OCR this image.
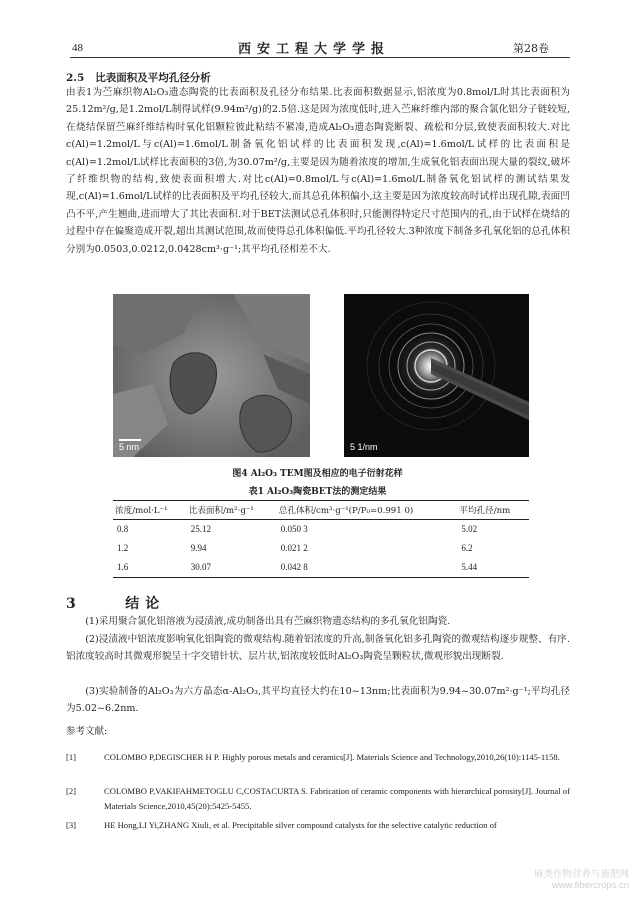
48	西安工程大学学报	第28卷
2.5 比表面积及平均孔径分析

由表1为苎麻织物Al₂O₃遗态陶瓷的比表面积及孔径分布结果.比表面积数据显示,铝浓度为0.8mol/L时其比表面积为25.12m²/g,是1.2mol/L制得试样(9.94m²/g)的2.5倍.这是因为浓度低时,进入苎麻纤维内部的聚合氯化铝分子链较短,在烧结保留苎麻纤维结构时氧化铝颗粒彼此粘结不紧凑,造成Al₂O₃遗态陶瓷断裂、疏松和分层,致使表面积较大.对比c(Al)=1.2mol/L与c(Al)=1.6mol/L制备氧化铝试样的比表面积发现,c(Al)=1.6mol/L试样的比表面积是c(Al)=1.2mol/L试样比表面积的3倍,为30.07m²/g,主要是因为随着浓度的增加,生成氧化铝表面出现大量的裂纹,破坏了纤维织物的结构,致使表面积增大.对比c(Al)=0.8mol/L与c(Al)=1.6mol/L制备氧化铝试样的测试结果发现,c(Al)=1.6mol/L试样的比表面积及平均孔径较大,而其总孔体积偏小,这主要是因为浓度较高时试样出现孔隙,表面凹凸不平,产生翘曲,进而增大了其比表面积.对于BET法测试总孔体积时,只能测得特定尺寸范围内的孔,由于试样在烧结的过程中存在偏聚造成开裂,超出其测试范围,故而使得总孔体积偏低.平均孔径较大.3种浓度下制备多孔氧化铝的总孔体积分别为0.0503,0.0212,0.0428cm³·g⁻¹;其平均孔径相差不大.

5 nm	5 1/nm
图4 Al₂O₃ TEM图及相应的电子衍射花样
表1 Al₂O₃陶瓷BET法的测定结果
浓度/mol·L⁻¹	比表面积/m²·g⁻¹	总孔体积/cm³·g⁻¹(P/P₀=0.991 0)	平均孔径/nm
0.8	25.12	0.050 3	5.02
1.2	9.94	0.021 2	6.2
1.6	30.07	0.042 8	5.44
3	结论

(1)采用聚合氯化铝溶液为浸渍液,成功制备出具有苎麻织物遗态结构的多孔氧化铝陶瓷.

(2)浸渍液中铝浓度影响氧化铝陶瓷的微观结构.随着铝浓度的升高,制备氧化铝多孔陶瓷的微观结构逐步规整、有序.铝浓度较高时其微观形貌呈十字交错针状、层片状,铝浓度较低时Al₂O₃陶瓷呈颗粒状,微观形貌出现断裂.

(3)实验制备的Al₂O₃为六方晶态α-Al₂O₃,其平均直径大约在10~13nm;比表面积为9.94~30.07m²·g⁻¹;平均孔径为5.02~6.2nm.

参考文献:
[1]	COLOMBO P,DEGISCHER H P. Highly porous metals and ceramics[J]. Materials Science and Technology,2010,26(10):1145-1158.
[2]	COLOMBO P,VAKIFAHMETOGLU C,COSTACURTA S. Fabrication of ceramic components with hierarchical porosity[J]. Journal of Materials Science,2010,45(20):5425-5455.
[3]	HE Hong,LI Yi,ZHANG Xiuli, et al. Precipitable silver compound catalysts for the selective catalytic reduction of
麻类作物营养与施肥网
www.fibercrops.cn
